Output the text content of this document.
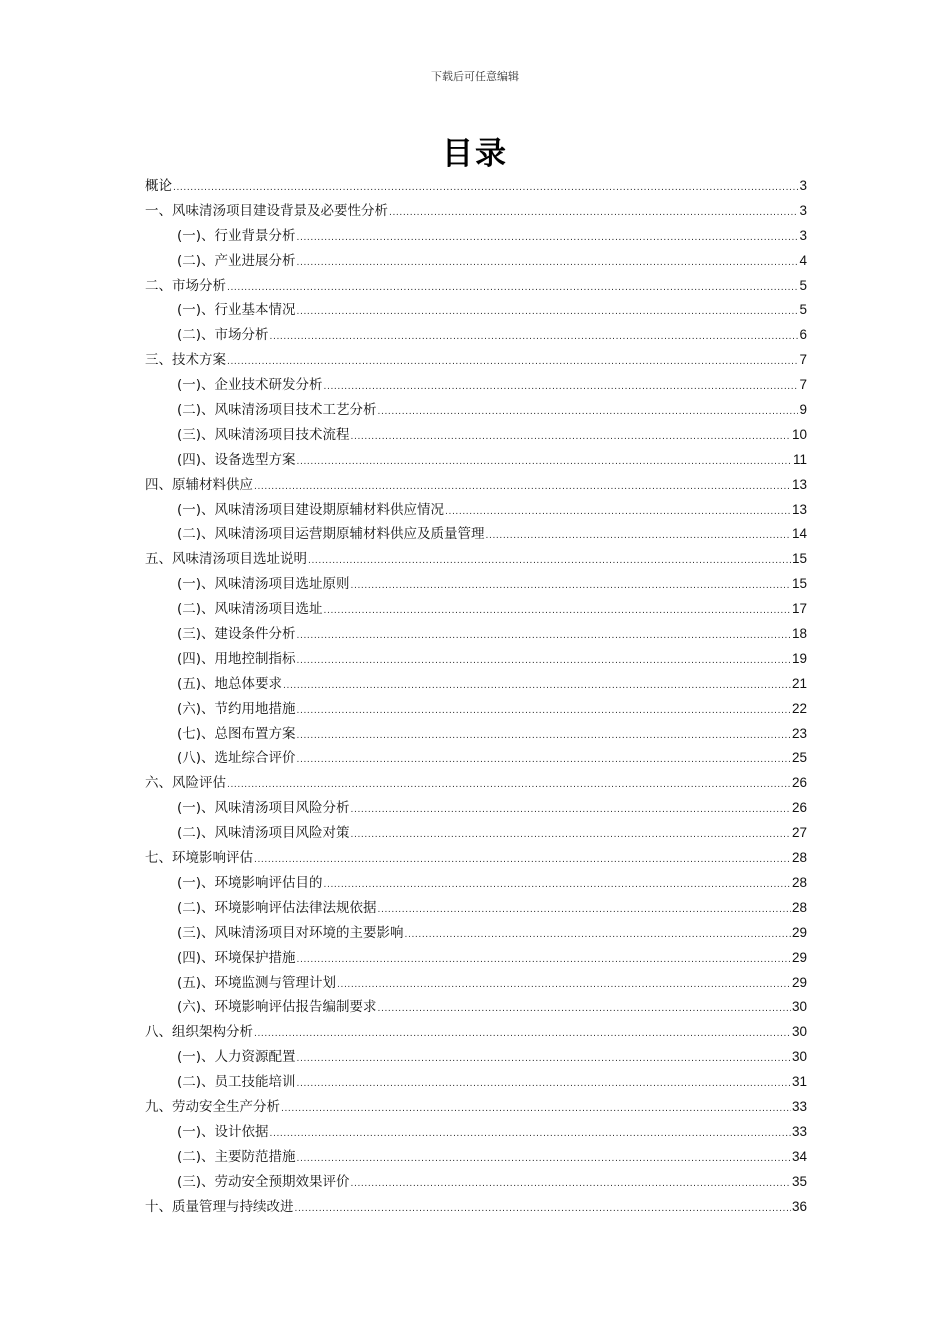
下载后可任意编辑
目录
概论 .....	3
一、风味清汤项目建设背景及必要性分析 .....	3
(一)、行业背景分析 .....	3
(二)、产业进展分析 .....	4
二、市场分析 .....	5
(一)、行业基本情况 .....	5
(二)、市场分析 .....	6
三、技术方案 .....	7
(一)、企业技术研发分析 .....	7
(二)、风味清汤项目技术工艺分析 .....	9
(三)、风味清汤项目技术流程 .....	10
(四)、设备选型方案 .....	11
四、原辅材料供应 .....	13
(一)、风味清汤项目建设期原辅材料供应情况 .....	13
(二)、风味清汤项目运营期原辅材料供应及质量管理 .....	14
五、风味清汤项目选址说明 .....	15
(一)、风味清汤项目选址原则 .....	15
(二)、风味清汤项目选址 .....	17
(三)、建设条件分析 .....	18
(四)、用地控制指标 .....	19
(五)、地总体要求 .....	21
(六)、节约用地措施 .....	22
(七)、总图布置方案 .....	23
(八)、选址综合评价 .....	25
六、风险评估 .....	26
(一)、风味清汤项目风险分析 .....	26
(二)、风味清汤项目风险对策 .....	27
七、环境影响评估 .....	28
(一)、环境影响评估目的 .....	28
(二)、环境影响评估法律法规依据 .....	28
(三)、风味清汤项目对环境的主要影响 .....	29
(四)、环境保护措施 .....	29
(五)、环境监测与管理计划 .....	29
(六)、环境影响评估报告编制要求 .....	30
八、组织架构分析 .....	30
(一)、人力资源配置 .....	30
(二)、员工技能培训 .....	31
九、劳动安全生产分析 .....	33
(一)、设计依据 .....	33
(二)、主要防范措施 .....	34
(三)、劳动安全预期效果评价 .....	35
十、质量管理与持续改进 .....	36
